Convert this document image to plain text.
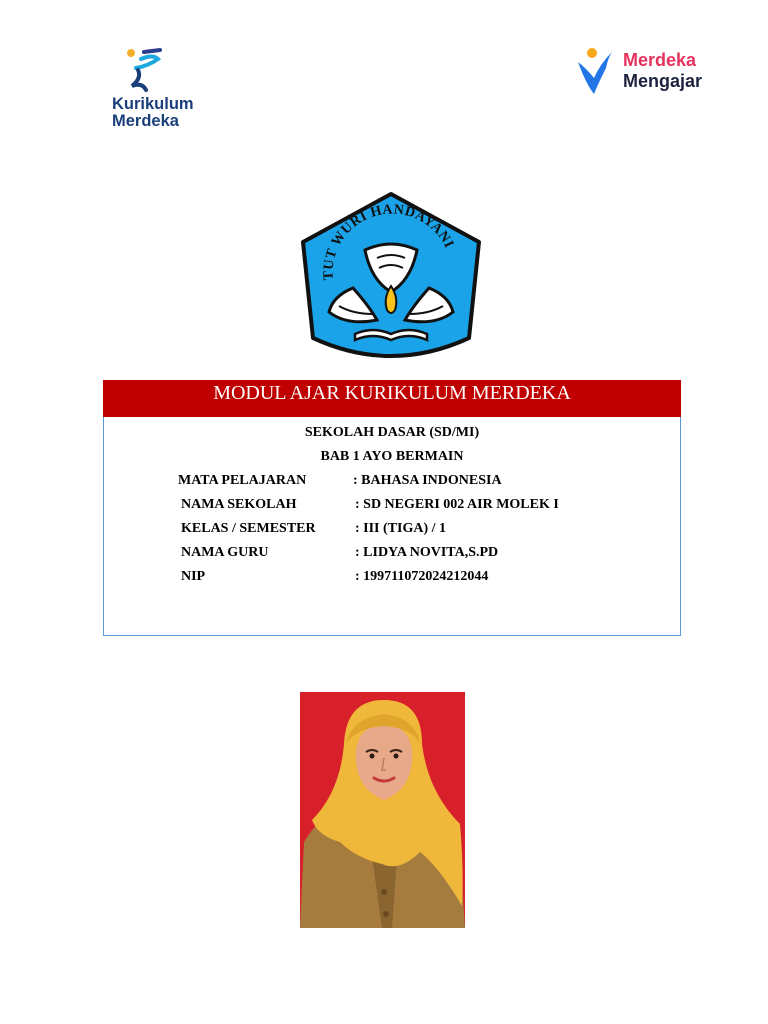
Kurikulum
Merdeka
Merdeka
Mengajar
TUT WURI HANDAYANI
MODUL AJAR KURIKULUM MERDEKA
SEKOLAH DASAR (SD/MI)
BAB 1 AYO BERMAIN
MATA PELAJARAN	: BAHASA INDONESIA
NAMA SEKOLAH	: SD NEGERI 002 AIR MOLEK I
KELAS / SEMESTER	: III (TIGA) / 1
NAMA GURU	: LIDYA NOVITA,S.PD
NIP	: 199711072024212044
